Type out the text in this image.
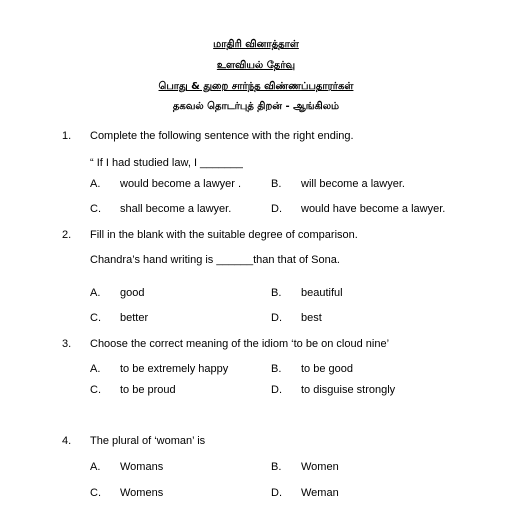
மாதிரி வினாத்தாள்
உளவியல் தேர்வு
பொது & துறை சார்ந்த விண்ணப்பதாரர்கள்
தகவல் தொடர்புத் திறன் - ஆங்கிலம்
1. Complete the following sentence with the right ending.
“ If I had studied law, I _______
A. would become a lawyer .	B. will become a lawyer.
C. shall become a lawyer.	D. would have become a lawyer.
2. Fill in the blank with the suitable degree of comparison.
Chandra’s hand writing is ______than that of Sona.
A. good	B. beautiful
C. better	D. best
3. Choose the correct meaning of the idiom ‘to be on cloud nine’
A. to be extremely happy	B. to be good
C. to be proud	D. to disguise strongly
4. The plural of ‘woman’ is
A. Womans	B. Women
C. Womens	D. Weman
